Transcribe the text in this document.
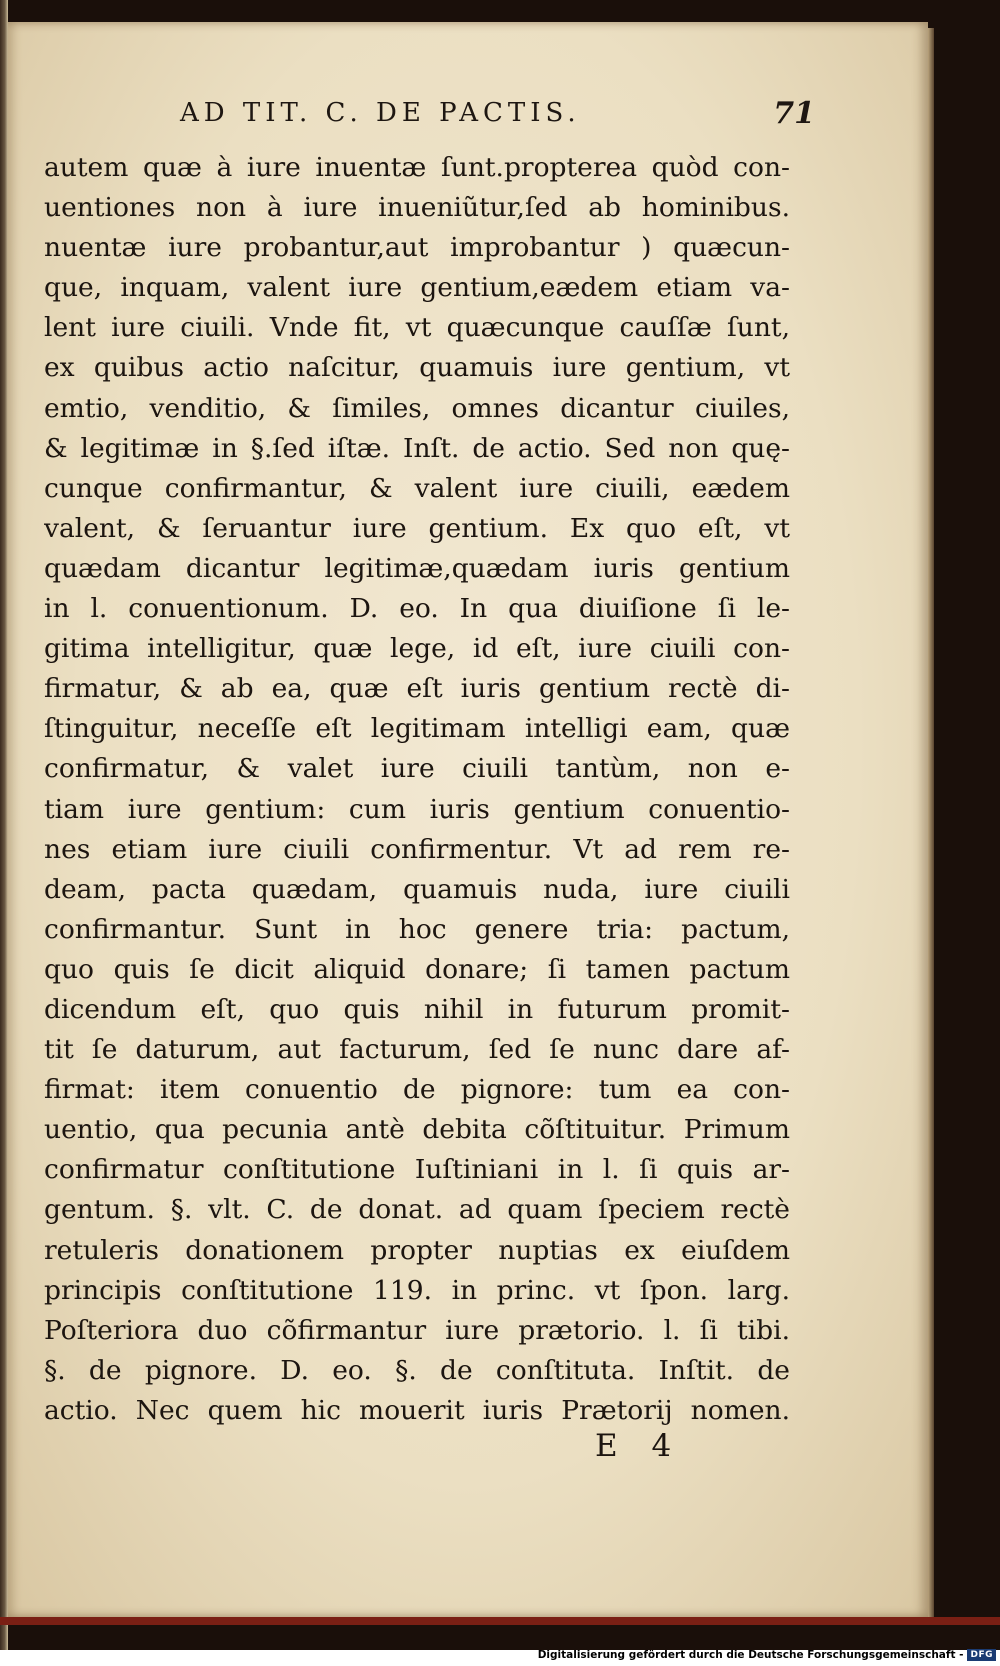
AD TIT. C. DE PACTIS.	71
autem quæ à iure inuentæ ſunt.propterea quòd con-
uentiones non à iure inueniũtur,ſed ab hominibus.
nuentæ iure probantur,aut improbantur ) quæcun-
que, inquam, valent iure gentium,eædem etiam va-
lent iure ciuili. Vnde fit, vt quæcunque cauſſæ ſunt,
ex quibus actio naſcitur, quamuis iure gentium, vt
emtio, venditio, & ſimiles, omnes dicantur ciuiles,
& legitimæ in §.ſed iſtæ. Inſt. de actio. Sed non quę-
cunque confirmantur, & valent iure ciuili, eædem
valent, & ſeruantur iure gentium. Ex quo eſt, vt
quædam dicantur legitimæ,quædam iuris gentium
in l. conuentionum. D. eo. In qua diuiſione ſi le-
gitima intelligitur, quæ lege, id eſt, iure ciuili con-
firmatur, & ab ea, quæ eſt iuris gentium rectè di-
ſtinguitur, neceſſe eſt legitimam intelligi eam, quæ
confirmatur, & valet iure ciuili tantùm, non e-
tiam iure gentium: cum iuris gentium conuentio-
nes etiam iure ciuili confirmentur. Vt ad rem re-
deam, pacta quædam, quamuis nuda, iure ciuili
confirmantur. Sunt in hoc genere tria: pactum,
quo quis ſe dicit aliquid donare; ſi tamen pactum
dicendum eſt, quo quis nihil in futurum promit-
tit ſe daturum, aut facturum, ſed ſe nunc dare af-
firmat: item conuentio de pignore: tum ea con-
uentio, qua pecunia antè debita cõſtituitur. Primum
confirmatur conſtitutione Iuſtiniani in l. ſi quis ar-
gentum. §. vlt. C. de donat. ad quam ſpeciem rectè
retuleris donationem propter nuptias ex eiuſdem
principis conſtitutione 119. in princ. vt ſpon. larg.
Poſteriora duo cõfirmantur iure prætorio. l. ſi tibi.
§. de pignore. D. eo. §. de conſtituta. Inſtit. de
actio. Nec quem hic mouerit iuris Prætorij nomen.
E 4
Digitalisierung gefördert durch die Deutsche Forschungsgemeinschaft - DFG
